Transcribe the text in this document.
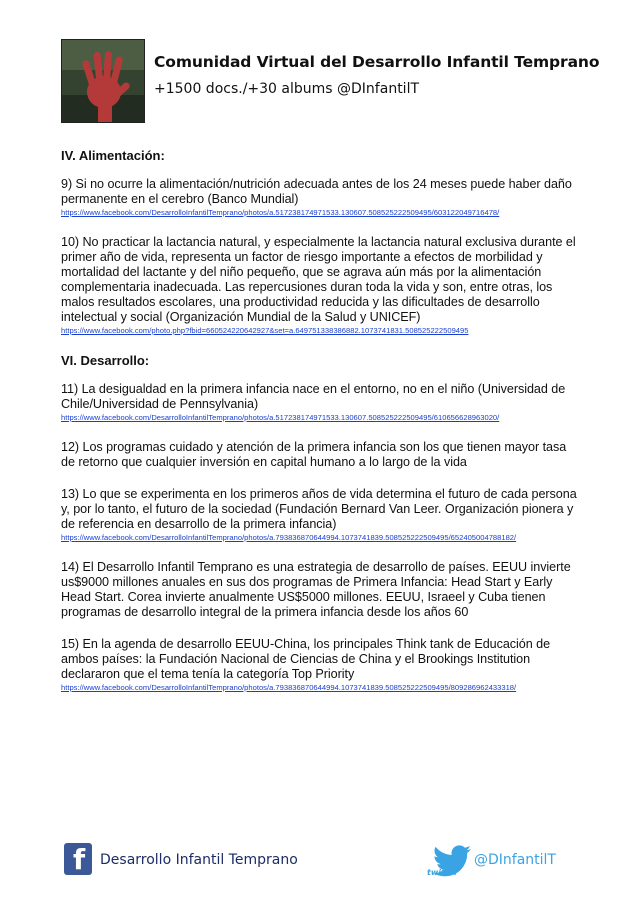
Comunidad Virtual del Desarrollo Infantil Temprano
+1500 docs./+30 albums @DInfantilT
IV. Alimentación:

9) Si no ocurre la alimentación/nutrición adecuada antes de los 24 meses puede haber daño permanente en el cerebro (Banco Mundial)

https://www.facebook.com/DesarrolloInfantilTemprano/photos/a.517238174971533.130607.508525222509495/603122049716478/

10) No practicar la lactancia natural, y especialmente la lactancia natural exclusiva durante el primer año de vida, representa un factor de riesgo importante a efectos de morbilidad y mortalidad del lactante y del niño pequeño, que se agrava aún más por la alimentación complementaria inadecuada. Las repercusiones duran toda la vida y son, entre otras, los malos resultados escolares, una productividad reducida y las dificultades de desarrollo intelectual y social (Organización Mundial de la Salud y UNICEF)

https://www.facebook.com/photo.php?fbid=660524220642927&set=a.649751338386882.1073741831.508525222509495
VI. Desarrollo:

11) La desigualdad en la primera infancia nace en el entorno, no en el niño (Universidad de Chile/Universidad de Pennsylvania)

https://www.facebook.com/DesarrolloInfantilTemprano/photos/a.517238174971533.130607.508525222509495/610656628963020/

12) Los programas cuidado y atención de la primera infancia son los que tienen mayor tasa de retorno que cualquier inversión en capital humano a lo largo de la vida

13) Lo que se experimenta en los primeros años de vida determina el futuro de cada persona y, por lo tanto, el futuro de la sociedad (Fundación Bernard Van Leer. Organización pionera y de referencia en desarrollo de la primera infancia)

https://www.facebook.com/DesarrolloInfantilTemprano/photos/a.793836870644994.1073741839.508525222509495/652405004788182/

14) El Desarrollo Infantil Temprano es una estrategia de desarrollo de países. EEUU invierte us$9000 millones anuales en sus dos programas de Primera Infancia: Head Start y Early Head Start. Corea invierte anualmente US$5000 millones. EEUU, Israeel y Cuba tienen programas de desarrollo integral de la primera infancia desde los años 60

15) En la agenda de desarrollo EEUU-China, los principales Think tank de Educación de ambos países: la Fundación Nacional de Ciencias de China y el Brookings Institution declararon que el tema tenía la categoría Top Priority

https://www.facebook.com/DesarrolloInfantilTemprano/photos/a.793836870644994.1073741839.508525222509495/809286962433318/
f Desarrollo Infantil Temprano
twitter
@DInfantilT
